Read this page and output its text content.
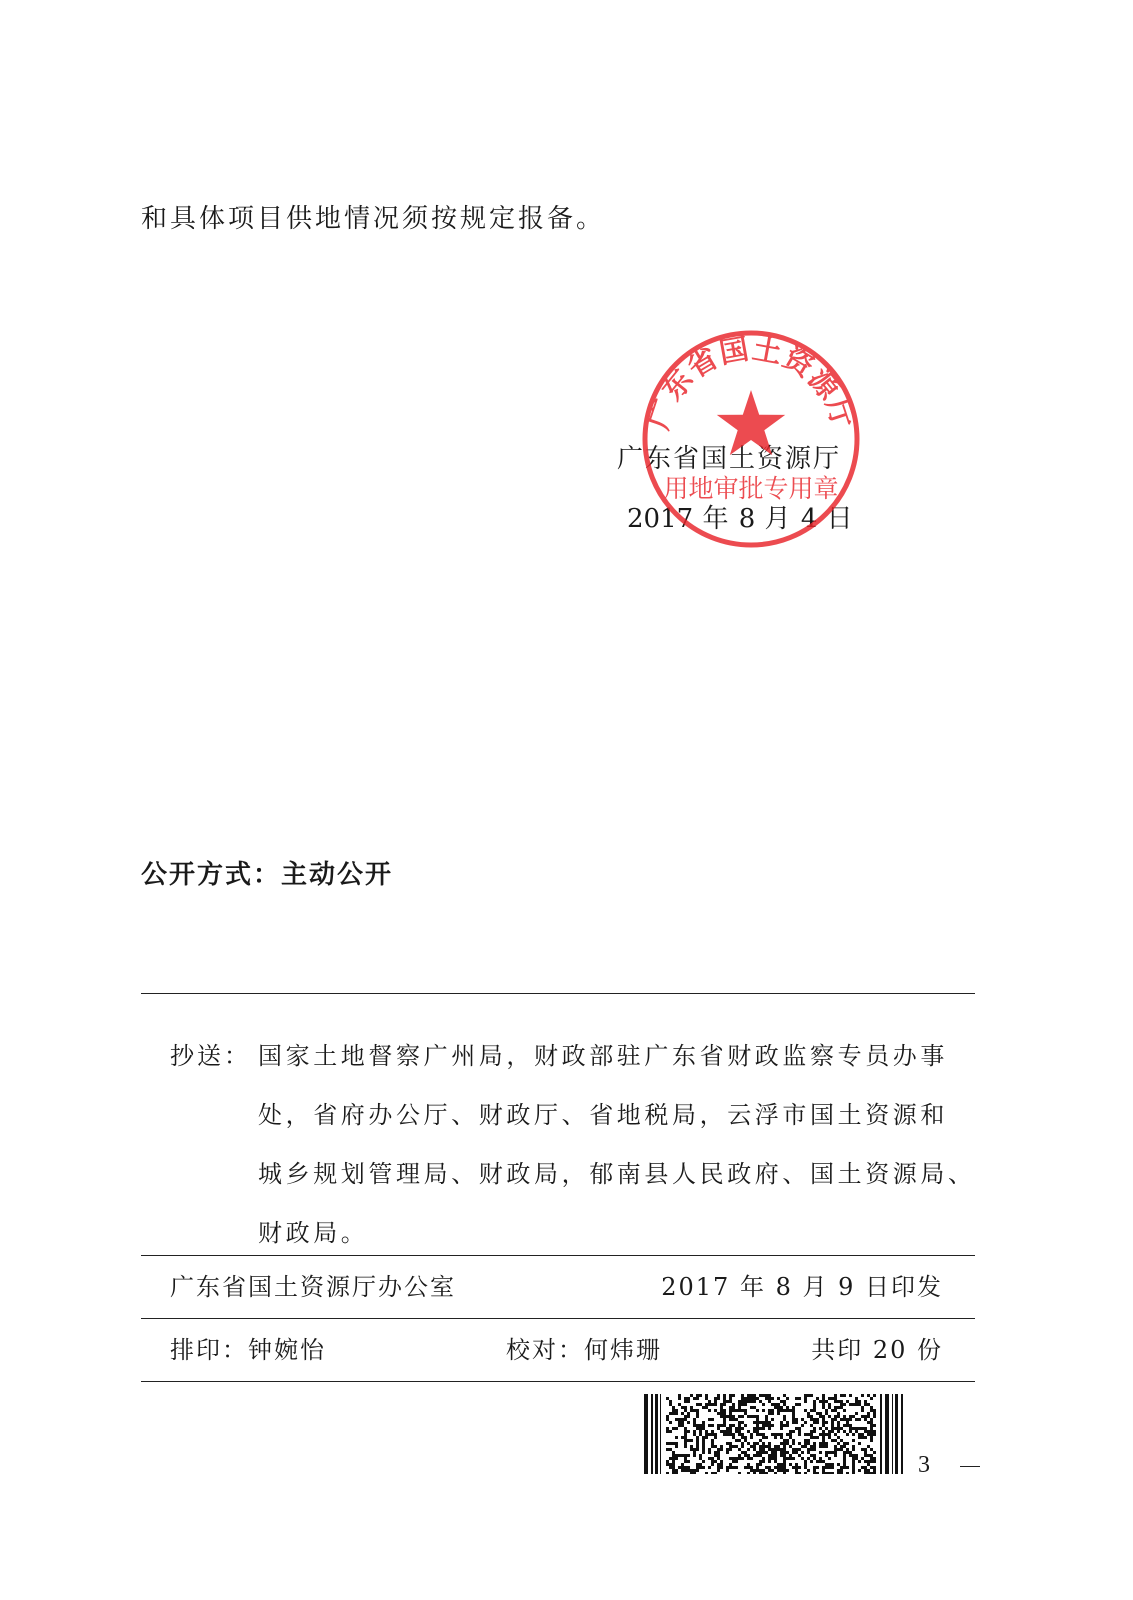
和具体项目供地情况须按规定报备。
广东省国土资源厅
2017 年 8 月 4 日
广东省国土资源厅
用地审批专用章
公开方式：主动公开
抄送： 国家土地督察广州局，财政部驻广东省财政监察专员办事
处，省府办公厅、财政厅、省地税局，云浮市国土资源和
城乡规划管理局、财政局，郁南县人民政府、国土资源局、
财政局。
广东省国土资源厅办公室	2017 年 8 月 9 日印发
排印：钟婉怡	校对：何炜珊	共印 20 份
3
